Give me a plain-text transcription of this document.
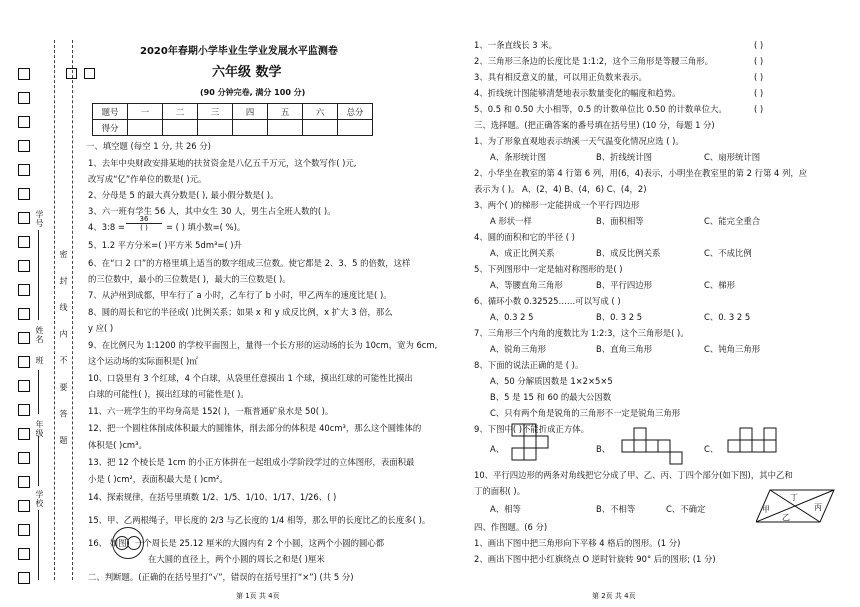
学号
姓名
班
年级
学校
密 封 线 内 不 要 答 题
2020年春期小学毕业生学业发展水平监测卷

六年级 数学
(90 分钟完卷, 满分 100 分)
题号	一	二	三	四	五	六	总分
得分							
一、填空题 (每空 1 分, 共 26 分)
1、去年中央财政安排某地的扶贫资金是八亿五千万元，这个数写作( )元,
改写成“亿”作单位的数是( )元。
2、分母是 5 的最大真分数是( ), 最小假分数是( )。
3、六一班有学生 56 人，其中女生 30 人，男生占全班人数的( )。
4、3:8 =
36
( )	= ( ) 填小数=( %)。
5、1.2 平方分米=( )平方米 5dm³=( )升
6、在“口 2 口”的方格里填上适当的数字组成三位数。使它都是 2、3、5 的倍数，这样
的三位数中，最小的三位数是( )，最大的三位数是( )。
7、从泸州到成都，甲车行了 a 小时，乙车行了 b 小时，甲乙两车的速度比是( )。
8、圆的周长和它的半径成( )比例关系；如果 x 和 y 成反比例，x 扩大 3 倍，那么
y 应( )
9、在比例尺为 1:1200 的学校平面图上，量得一个长方形的运动场的长为 10cm，宽为 6cm,
这个运动场的实际面积是( )㎡
10、口袋里有 3 个红球，4 个白球，从袋里任意摸出 1 个球，摸出红球的可能性比摸出
白球的可能性( )，摸出红球的可能性是( )。
11、六一班学生的平均身高是 152( )，一瓶普通矿泉水是 50( )。
12、把一个圆柱体削成体积最大的圆锥体，削去部分的体积是 40cm³，那么这个圆锥体的
体积是( )cm³。
13、把 12 个棱长是 1cm 的小正方体拼在一起组成小学阶段学过的立体图形，表面积最
小是 ( )cm²，表面积最大是 ( )cm²。
14、探索规律，在括号里填数 1/2、1/5、1/10、1/17、1/26、( )
15、甲、乙两根绳子，甲长度的 2/3 与乙长度的 1/4 相等，那么甲的长度比乙的长度多( )。
16、 如图，一个周长是 25.12 厘米的大圆内有 2 个小圆，这两个小圆的圆心都
在大圆的直径上，两个小圆的周长之和是( )厘米
二、判断题。(正确的在括号里打“√”，错误的在括号里打“×”) (共 5 分)
第 1页 共 4页
1、一条直线长 3 米。	( )
2、三角形三条边的长度比是 1:1:2，这个三角形是等腰三角形。	( )
3、具有相反意义的量，可以用正负数来表示。	( )
4、折线统计图能够清楚地表示数量变化的幅度和趋势。	( )
5、0.5 和 0.50 大小相等，0.5 的计数单位比 0.50 的计数单位大。	( )
三、选择题。(把正确答案的番号填在括号里) (10 分，每题 1 分)
1、为了形象直观地表示纳溪一天气温变化情况应选 ( )。
A、条形统计图	B、折线统计图	C、扇形统计图
2、小华坐在教室的第 4 行第 6 列，用(6，4)表示，小明坐在教室里的第 2 行第 4 列，应
表示为 ( )。 A、(2，4) B、(4，6) C、(4，2)
3、两个( )的梯形一定能拼成一个平行四边形
A 形状一样	B、面积相等	C、能完全重合
4、圆的面积和它的半径 ( )
A、成正比例关系	B、成反比例关系	C、不成比例
5、下列图形中一定是轴对称图形的是( )
A、等腰直角三角形	B、平行四边形	C、梯形
6、循环小数 0.32525……可以写成 ( )
A、0.3 2 5	B、0. 3 2 5	C、0. 3 2 5
7、三角形三个内角的度数比为 1:2:3，这个三角形是( )。
A、锐角三角形	B、直角三角形	C、钝角三角形
8、下面的说法正确的是 ( )。
A、50 分解质因数是 1×2×5×5
B、5 是 15 和 60 的最大公因数
C、只有两个角是锐角的三角形不一定是锐角三角形
9、下图中( )不能折成正方体。
A、	B、	C、
10、平行四边形的两条对角线把它分成了甲、乙、丙、丁四个部分(如下图)，其中乙和
丁的面积( )。
A、相等	B、不相等	C、不确定	甲
丁
乙
丙
四、作图题。(6 分)
1、画出下图中把三角形向下平移 4 格后的图形。(1 分)
2、画出下图中把小红旗绕点 O 逆时针旋转 90° 后的图形; (1 分)
第 2页 共 4页
